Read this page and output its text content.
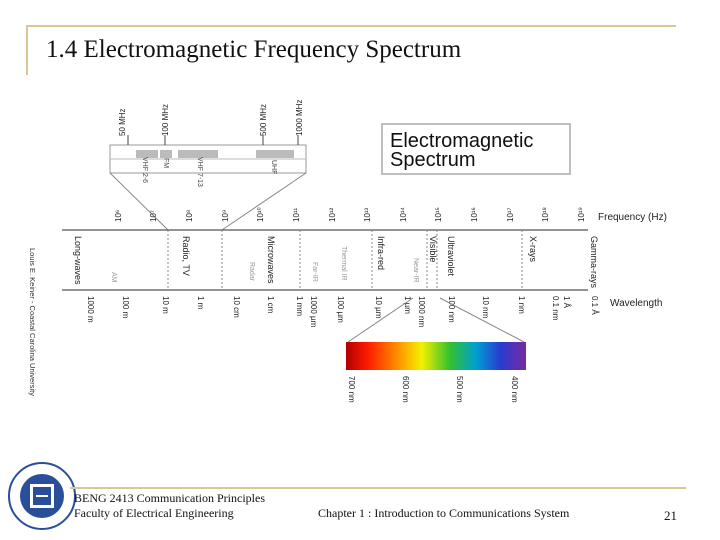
1.4 Electromagnetic Frequency Spectrum
Electromagnetic
Spectrum
VHF 2-6 FM	VHF 7-13	UHF
50 MHz	100 MHz	500 MHz	1000 MHz
10⁶	10⁷	10⁸	10⁹	10¹⁰	10¹¹	10¹²	10¹³	10¹⁴	10¹⁵	10¹⁶	10¹⁷	10¹⁸	10¹⁹ Frequency (Hz)
Long-waves	Radio, TV	Microwaves	Infra-red	Visible Ultraviolet	X-rays	Gamma-rays
AM	Radar	Far-IR	Thermal IR	Near-IR
1000 m	100 m	10 m	1 m	10 cm	1 cm	1 mm 1000 µm 100 µm	10 µm	1 µm 1000 nm	100 nm	10 nm	1 nm	1 Å
0.1 nm	0.1 Å Wavelength
700 nm	600 nm	500 nm	400 nm
Louis E. Keiner - Coastal Carolina University
BENG 2413 Communication Principles
Faculty of Electrical Engineering	Chapter 1 : Introduction to Communications System	21
